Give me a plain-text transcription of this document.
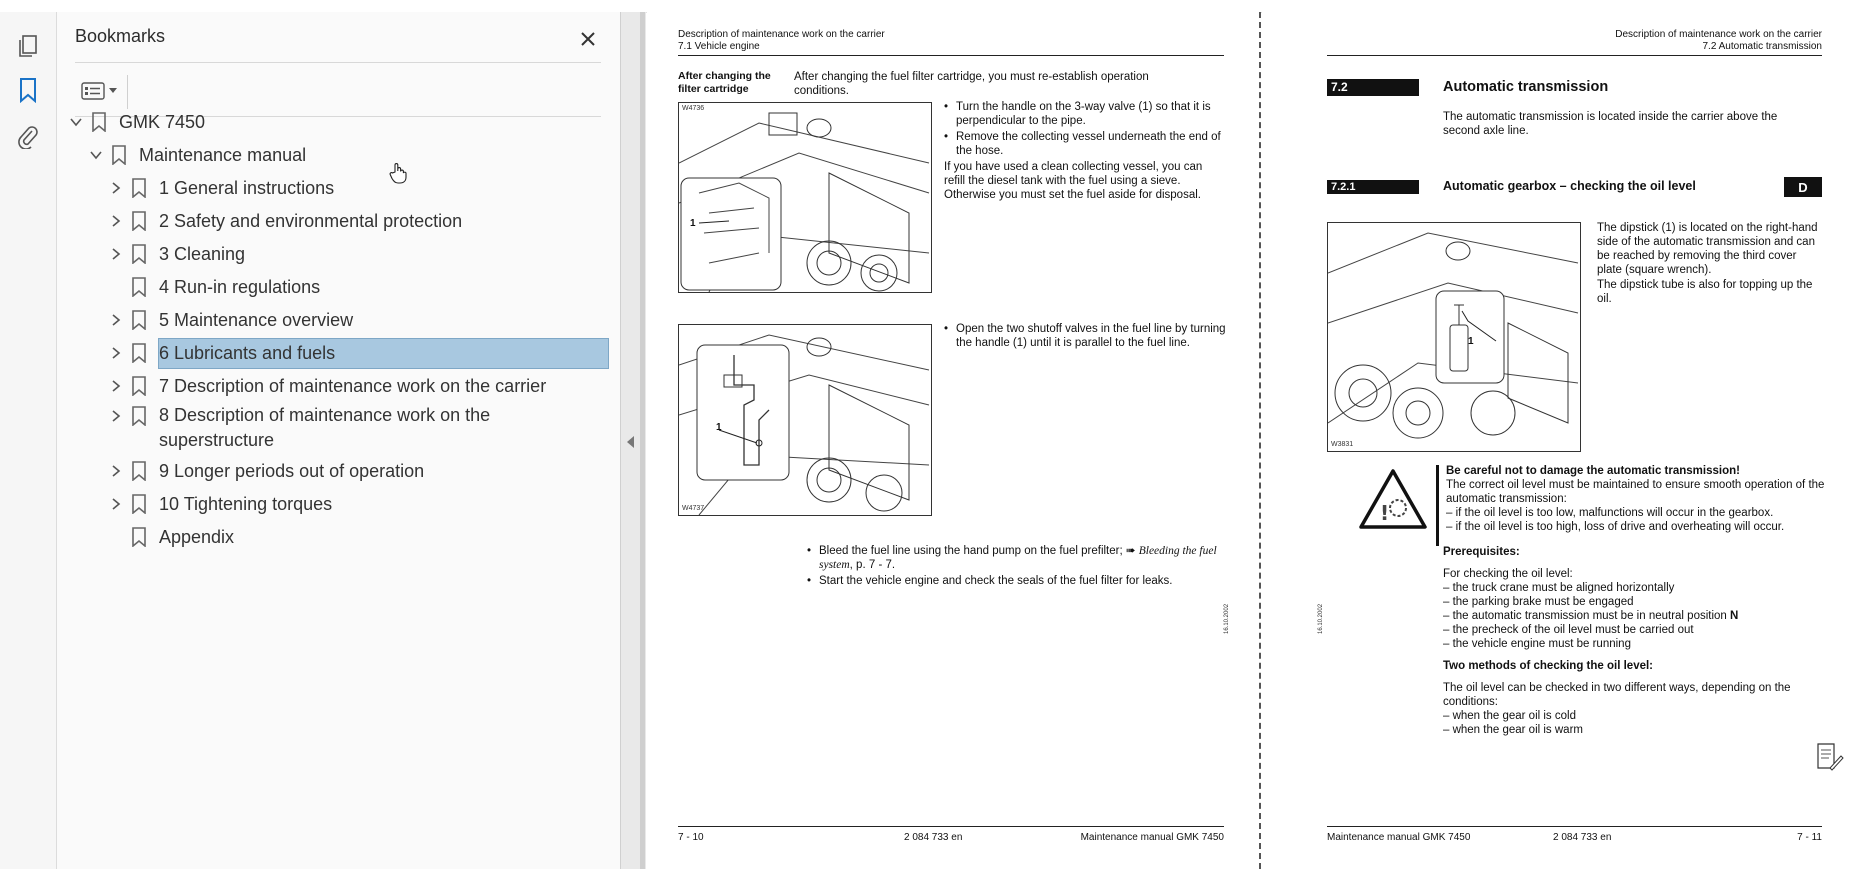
Bookmarks
GMK 7450
Maintenance manual
1 General instructions
2 Safety and environmental protection
3 Cleaning
4 Run-in regulations
5 Maintenance overview
6 Lubricants and fuels
7 Description of maintenance work on the carrier
8 Description of maintenance work on the superstructure
9 Longer periods out of operation
10 Tightening torques
Appendix
Description of maintenance work on the carrier
7.1 Vehicle engine
After changing the
filter cartridge
After changing the fuel filter cartridge, you must re-establish operation conditions.
W4736
1
• Turn the handle on the 3-way valve (1) so that it is perpendicular to the pipe.
• Remove the collecting vessel underneath the end of the hose.
If you have used a clean collecting vessel, you can refill the diesel tank with the fuel using a sieve. Otherwise you must set the fuel aside for disposal.
W4737
1
• Open the two shutoff valves in the fuel line by turning the handle (1) until it is parallel to the fuel line.
• Bleed the fuel line using the hand pump on the fuel prefilter; ➠ Bleeding the fuel system, p. 7 - 7.
• Start the vehicle engine and check the seals of the fuel filter for leaks.
16.10.2002
7 - 10	2 084 733 en	Maintenance manual GMK 7450
Description of maintenance work on the carrier
7.2 Automatic transmission
7.2	Automatic transmission
The automatic transmission is located inside the carrier above the second axle line.
7.2.1	Automatic gearbox – checking the oil level	D
W3831
1
The dipstick (1) is located on the right-hand side of the automatic transmission and can be reached by removing the third cover plate (square wrench).
The dipstick tube is also for topping up the oil.
!
Be careful not to damage the automatic transmission!
The correct oil level must be maintained to ensure smooth operation of the automatic transmission:
– if the oil level is too low, malfunctions will occur in the gearbox.
– if the oil level is too high, loss of drive and overheating will occur.
Prerequisites:
For checking the oil level:
– the truck crane must be aligned horizontally
– the parking brake must be engaged
– the automatic transmission must be in neutral position N
– the precheck of the oil level must be carried out
– the vehicle engine must be running
Two methods of checking the oil level:
The oil level can be checked in two different ways, depending on the conditions:
– when the gear oil is cold
– when the gear oil is warm
16.10.2002
Maintenance manual GMK 7450	2 084 733 en	7 - 11
